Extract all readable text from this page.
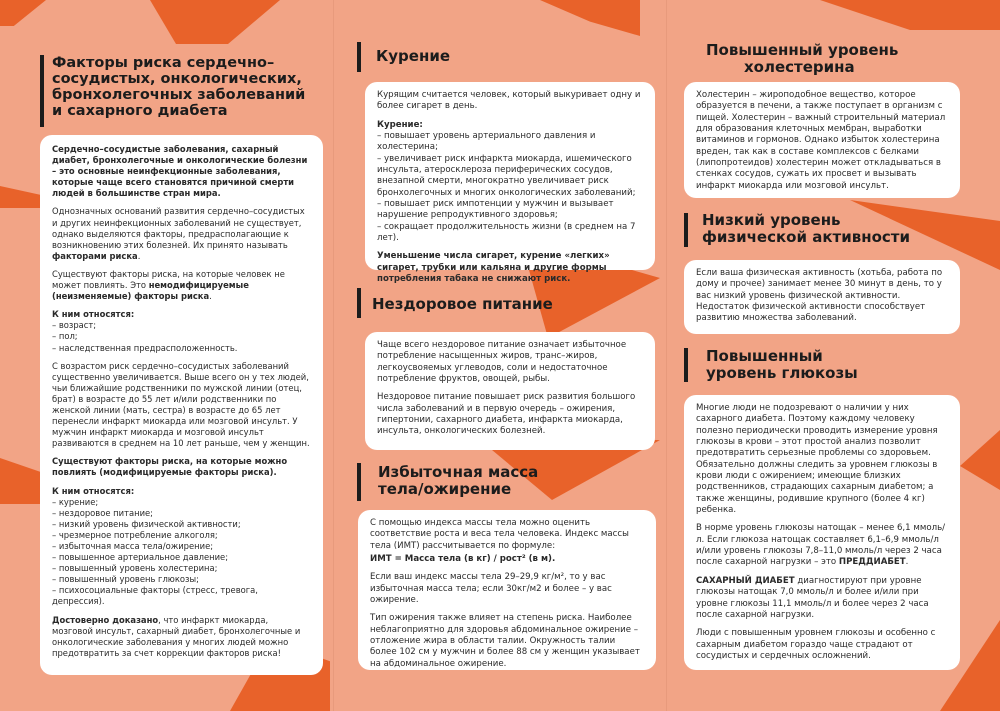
Факторы риска сердечно–
сосудистых, онкологических,
бронхолегочных заболеваний
и сахарного диабета

Сердечно–сосудистые заболевания, сахарный диабет, бронхолегочные и онкологические болезни – это основные неинфекционные заболевания, которые чаще всего становятся причиной смерти людей в большинстве стран мира.

Однозначных оснований развития сердечно–сосудистых и других неинфекционных заболеваний не существует, однако выделяются факторы, предрасполагающие к возникновению этих болезней. Их принято называть факторами риска.

Существуют факторы риска, на которые человек не может повлиять. Это немодифицируемые (неизменяемые) факторы риска.

К ним относятся:
– возраст;
– пол;
– наследственная предрасположенность.

С возрастом риск сердечно–сосудистых заболеваний существенно увеличивается. Выше всего он у тех людей, чьи ближайшие родственники по мужской линии (отец, брат) в возрасте до 55 лет и/или родственники по женской линии (мать, сестра) в возрасте до 65 лет перенесли инфаркт миокарда или мозговой инсульт. У мужчин инфаркт миокарда и мозговой инсульт развиваются в среднем на 10 лет раньше, чем у женщин.

Существуют факторы риска, на которые можно повлиять (модифицируемые факторы риска).

К ним относятся:
– курение;
– нездоровое питание;
– низкий уровень физической активности;
– чрезмерное потребление алкоголя;
– избыточная масса тела/ожирение;
– повышенное артериальное давление;
– повышенный уровень холестерина;
– повышенный уровень глюкозы;
– психосоциальные факторы (стресс, тревога, депрессия).

Достоверно доказано, что инфаркт миокарда, мозговой инсульт, сахарный диабет, бронхолегочные и онкологические заболевания у многих людей можно предотвратить за счет коррекции факторов риска!

Курение

Курящим считается человек, который выкуривает одну и более сигарет в день.

Курение:
– повышает уровень артериального давления и холестерина;
– увеличивает риск инфаркта миокарда, ишемического инсульта, атеросклероза периферических сосудов, внезапной смерти, многократно увеличивает риск бронхолегочных и многих онкологических заболеваний;
– повышает риск импотенции у мужчин и вызывает нарушение репродуктивного здоровья;
– сокращает продолжительность жизни (в среднем на 7 лет).

Уменьшение числа сигарет, курение «легких» сигарет, трубки или кальяна и другие формы потребления табака не снижают риск.

Нездоровое питание

Чаще всего нездоровое питание означает избыточное потребление насыщенных жиров, транс–жиров, легкоусвояемых углеводов, соли и недостаточное потребление фруктов, овощей, рыбы.

Нездоровое питание повышает риск развития большого числа заболеваний и в первую очередь – ожирения, гипертонии, сахарного диабета, инфаркта миокарда, инсульта, онкологических болезней.

Избыточная масса
тела/ожирение

С помощью индекса массы тела можно оценить соответствие роста и веса тела человека. Индекс массы тела (ИМТ) рассчитывается по формуле:

ИМТ = Масса тела (в кг) / рост² (в м).

Если ваш индекс массы тела 29–29,9 кг/м², то у вас избыточная масса тела; если 30кг/м2 и более – у вас ожирение.

Тип ожирения также влияет на степень риска. Наиболее неблагоприятно для здоровья абдоминальное ожирение – отложение жира в области талии. Окружность талии более 102 см у мужчин и более 88 см у женщин указывает на абдоминальное ожирение.

Повышенный уровень
холестерина

Холестерин – жироподобное вещество, которое образуется в печени, а также поступает в организм с пищей. Холестерин – важный строительный материал для образования клеточных мембран, выработки витаминов и гормонов. Однако избыток холестерина вреден, так как в составе комплексов с белками (липопротеидов) холестерин может откладываться в стенках сосудов, сужать их просвет и вызывать инфаркт миокарда или мозговой инсульт.

Низкий уровень
физической активности

Если ваша физическая активность (хотьба, работа по дому и прочее) занимает менее 30 минут в день, то у вас низкий уровень физической активности. Недостаток физической активности способствует развитию множества заболеваний.

Повышенный
уровень глюкозы

Многие люди не подозревают о наличии у них сахарного диабета. Поэтому каждому человеку полезно периодически проводить измерение уровня глюкозы в крови – этот простой анализ позволит предотвратить серьезные проблемы со здоровьем. Обязательно должны следить за уровнем глюкозы в крови люди с ожирением; имеющие близких родственников, страдающих сахарным диабетом; а также женщины, родившие крупного (более 4 кг) ребенка.

В норме уровень глюкозы натощак – менее 6,1 ммоль/л. Если глюкоза натощак составляет 6,1–6,9 ммоль/л и/или уровень глюкозы 7,8–11,0 ммоль/л через 2 часа после сахарной нагрузки – это ПРЕДДИАБЕТ.

САХАРНЫЙ ДИАБЕТ диагностируют при уровне глюкозы натощак 7,0 ммоль/л и более и/или при уровне глюкозы 11,1 ммоль/л и более через 2 часа после сахарной нагрузки.

Люди с повышенным уровнем глюкозы и особенно с сахарным диабетом гораздо чаще страдают от сосудистых и сердечных осложнений.
